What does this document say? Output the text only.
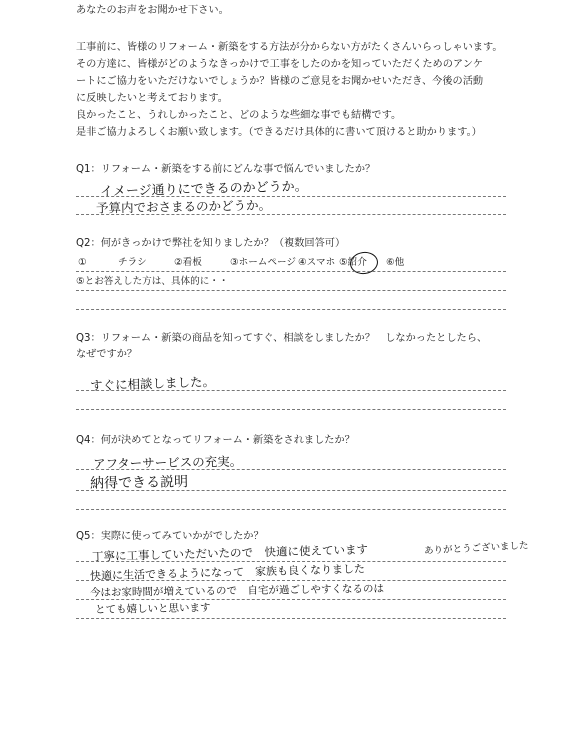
あなたのお声をお聞かせ下さい。
工事前に、皆様のリフォーム・新築をする方法が分からない方がたくさんいらっしゃいます。
その方達に、皆様がどのようなきっかけで工事をしたのかを知っていただくためのアンケ
ートにご協力をいただけないでしょうか？皆様のご意見をお聞かせいただき、今後の活動
に反映したいと考えております。
良かったこと、うれしかったこと、どのような些細な事でも結構です。
是非ご協力よろしくお願い致します。（できるだけ具体的に書いて頂けると助かります。）
Q1：リフォーム・新築をする前にどんな事で悩んでいましたか？
イメージ通りにできるのかどうか。
予算内でおさまるのかどうか。
Q2：何がきっかけで弊社を知りましたか？（複数回答可）
①	チラシ	②看板	③ホームページ ④スマホ ⑤紹介 ⑥他
⑤とお答えした方は、具体的に・・
Q3：リフォーム・新築の商品を知ってすぐ、相談をしましたか？　しなかったとしたら、
なぜですか？
すぐに相談しました。
Q4：何が決めてとなってリフォーム・新築をされましたか？
アフターサービスの充実。
納得できる説明
Q5：実際に使ってみていかがでしたか？
丁寧に工事していただいたので　快適に使えています	ありがとうございました
快適に生活できるようになって　家族も良くなりました
今はお家時間が増えているので　自宅が過ごしやすくなるのは
とても嬉しいと思います
